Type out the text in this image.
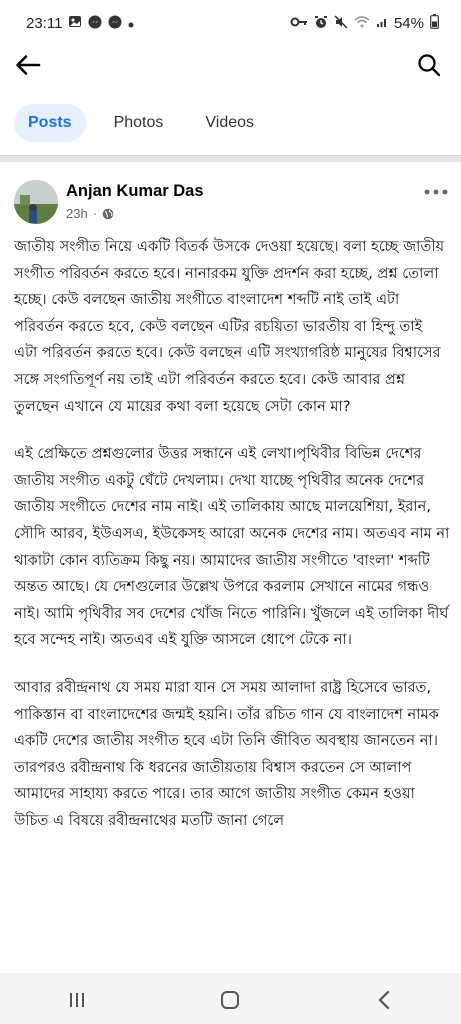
23:11	54%
Posts	Photos	Videos
Anjan Kumar Das
23h ·

জাতীয় সংগীত নিয়ে একটি বিতর্ক উসকে দেওয়া হয়েছে। বলা হচ্ছে জাতীয় সংগীত পরিবর্তন করতে হবে। নানারকম যুক্তি প্রদর্শন করা হচ্ছে, প্রশ্ন তোলা হচ্ছে। কেউ বলছেন জাতীয় সংগীতে বাংলাদেশ শব্দটি নাই তাই এটা পরিবর্তন করতে হবে, কেউ বলছেন এটির রচয়িতা ভারতীয় বা হিন্দু তাই এটা পরিবর্তন করতে হবে। কেউ বলছেন এটি সংখ্যাগরিষ্ঠ মানুষের বিশ্বাসের সঙ্গে সংগতিপূর্ণ নয় তাই এটা পরিবর্তন করতে হবে। কেউ আবার প্রশ্ন তুলছেন এখানে যে মায়ের কথা বলা হয়েছে সেটা কোন মা?

এই প্রেক্ষিতে প্রশ্নগুলোর উত্তর সন্ধানে এই লেখা।পৃথিবীর বিভিন্ন দেশের জাতীয় সংগীত একটু ঘেঁটে দেখলাম। দেখা যাচ্ছে পৃথিবীর অনেক দেশের জাতীয় সংগীতে দেশের নাম নাই। এই তালিকায় আছে মালয়েশিয়া, ইরান, সৌদি আরব, ইউএসএ, ইউকেসহ আরো অনেক দেশের নাম। অতএব নাম না থাকাটা কোন ব্যতিক্রম কিছু নয়। আমাদের জাতীয় সংগীতে 'বাংলা' শব্দটি অন্তত আছে। যে দেশগুলোর উল্লেখ উপরে করলাম সেখানে নামের গন্ধও নাই। আমি পৃথিবীর সব দেশের খোঁজ নিতে পারিনি। খুঁজলে এই তালিকা দীর্ঘ হবে সন্দেহ নাই। অতএব এই যুক্তি আসলে ধোপে টেকে না।

আবার রবীন্দ্রনাথ যে সময় মারা যান সে সময় আলাদা রাষ্ট্র হিসেবে ভারত, পাকিস্তান বা বাংলাদেশের জন্মই হয়নি। তাঁর রচিত গান যে বাংলাদেশ নামক একটি দেশের জাতীয় সংগীত হবে এটা তিনি জীবিত অবস্থায় জানতেন না। তারপরও রবীন্দ্রনাথ কি ধরনের জাতীয়তায় বিশ্বাস করতেন সে আলাপ আমাদের সাহায্য করতে পারে। তার আগে জাতীয় সংগীত কেমন হওয়া উচিত এ বিষয়ে রবীন্দ্রনাথের মতটি জানা গেলে
